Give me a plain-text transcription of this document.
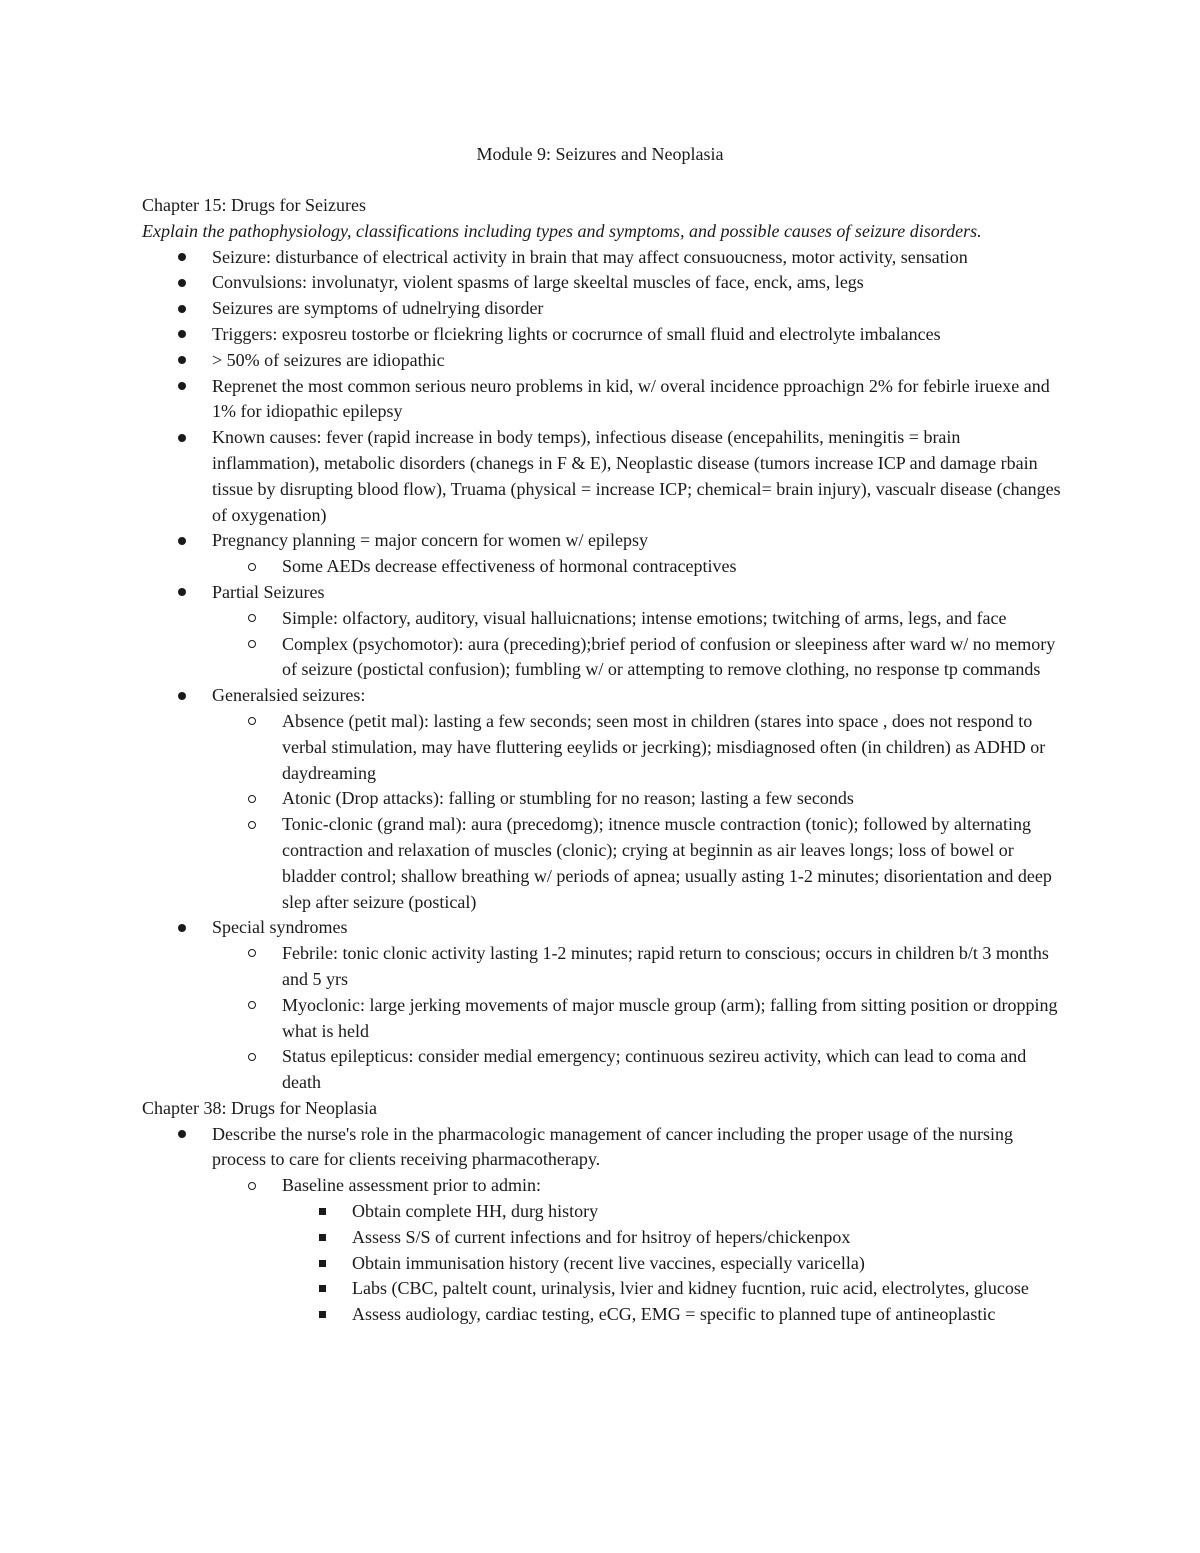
Module 9: Seizures and Neoplasia
Chapter 15: Drugs for Seizures
Explain the pathophysiology, classifications including types and symptoms, and possible causes of seizure disorders.
Seizure: disturbance of electrical activity in brain that may affect consuoucness, motor activity, sensation
Convulsions: involunatyr, violent spasms of large skeeltal muscles of face, enck, ams, legs
Seizures are symptoms of udnelrying disorder
Triggers: exposreu tostorbe or flciekring lights or cocrurnce of small fluid and electrolyte imbalances
> 50% of seizures are idiopathic
Reprenet the most common serious neuro problems in kid, w/ overal incidence pproachign 2% for febirle iruexe and 1% for idiopathic epilepsy
Known causes: fever (rapid increase in body temps), infectious disease (encepahilits, meningitis = brain inflammation), metabolic disorders (chanegs in F & E), Neoplastic disease (tumors increase ICP and damage rbain tissue by disrupting blood flow), Truama (physical = increase ICP; chemical= brain injury), vascualr disease (changes of oxygenation)
Pregnancy planning = major concern for women w/ epilepsy
Some AEDs decrease effectiveness of hormonal contraceptives
Partial Seizures
Simple: olfactory, auditory, visual halluicnations; intense emotions; twitching of arms, legs, and face
Complex (psychomotor): aura (preceding);brief period of confusion or sleepiness after ward w/ no memory of seizure (postictal confusion); fumbling w/ or attempting to remove clothing, no response tp commands
Generalsied seizures:
Absence (petit mal): lasting a few seconds; seen most in children (stares into space , does not respond to verbal stimulation, may have fluttering eeylids or jecrking); misdiagnosed often (in children) as ADHD or daydreaming
Atonic (Drop attacks): falling or stumbling for no reason; lasting a few seconds
Tonic-clonic (grand mal): aura (precedomg); itnence muscle contraction (tonic); followed by alternating contraction and relaxation of muscles (clonic); crying at beginnin as air leaves longs; loss of bowel or bladder control; shallow breathing w/ periods of apnea; usually asting 1-2 minutes; disorientation and deep slep after seizure (postical)
Special syndromes
Febrile: tonic clonic activity lasting 1-2 minutes; rapid return to conscious; occurs in children b/t 3 months and 5 yrs
Myoclonic: large jerking movements of major muscle group (arm); falling from sitting position or dropping what is held
Status epilepticus: consider medial emergency; continuous sezireu activity, which can lead to coma and death
Chapter 38: Drugs for Neoplasia
Describe the nurse's role in the pharmacologic management of cancer including the proper usage of the nursing process to care for clients receiving pharmacotherapy.
Baseline assessment prior to admin:
Obtain complete HH, durg history
Assess S/S of current infections and for hsitroy of hepers/chickenpox
Obtain immunisation history (recent live vaccines, especially varicella)
Labs (CBC, paltelt count, urinalysis, lvier and kidney fucntion, ruic acid, electrolytes, glucose
Assess audiology, cardiac testing, eCG, EMG = specific to planned tupe of antineoplastic
